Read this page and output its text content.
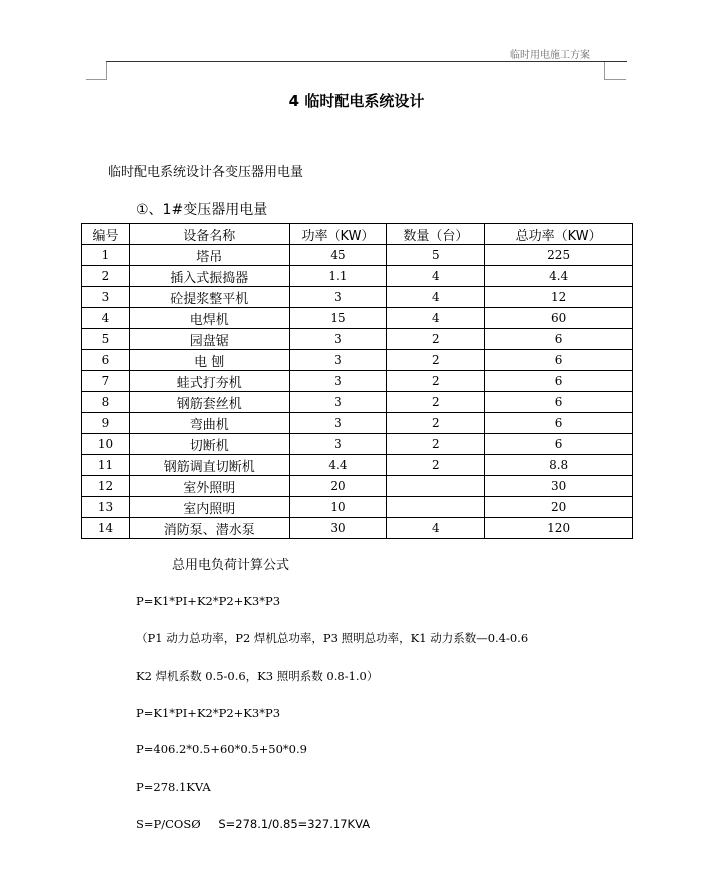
临时用电施工方案
4 临时配电系统设计
临时配电系统设计各变压器用电量
①、1#变压器用电量
编号	设备名称	功率（KW）	数量（台）	总功率（KW）
1	塔吊	45	5	225
2	插入式振捣器	1.1	4	4.4
3	砼提浆整平机	3	4	12
4	电焊机	15	4	60
5	园盘锯	3	2	6
6	电 刨	3	2	6
7	蛙式打夯机	3	2	6
8	钢筋套丝机	3	2	6
9	弯曲机	3	2	6
10	切断机	3	2	6
11	钢筋调直切断机	4.4	2	8.8
12	室外照明	20		30
13	室内照明	10		20
14	消防泵、潜水泵	30	4	120
总用电负荷计算公式
P=K1*PI+K2*P2+K3*P3
（P1 动力总功率，P2 焊机总功率，P3 照明总功率，K1 动力系数—0.4-0.6
K2 焊机系数 0.5-0.6，K3 照明系数 0.8-1.0）
P=K1*PI+K2*P2+K3*P3
P=406.2*0.5+60*0.5+50*0.9
P=278.1KVA
S=P/COSØ S=278.1/0.85=327.17KVA
